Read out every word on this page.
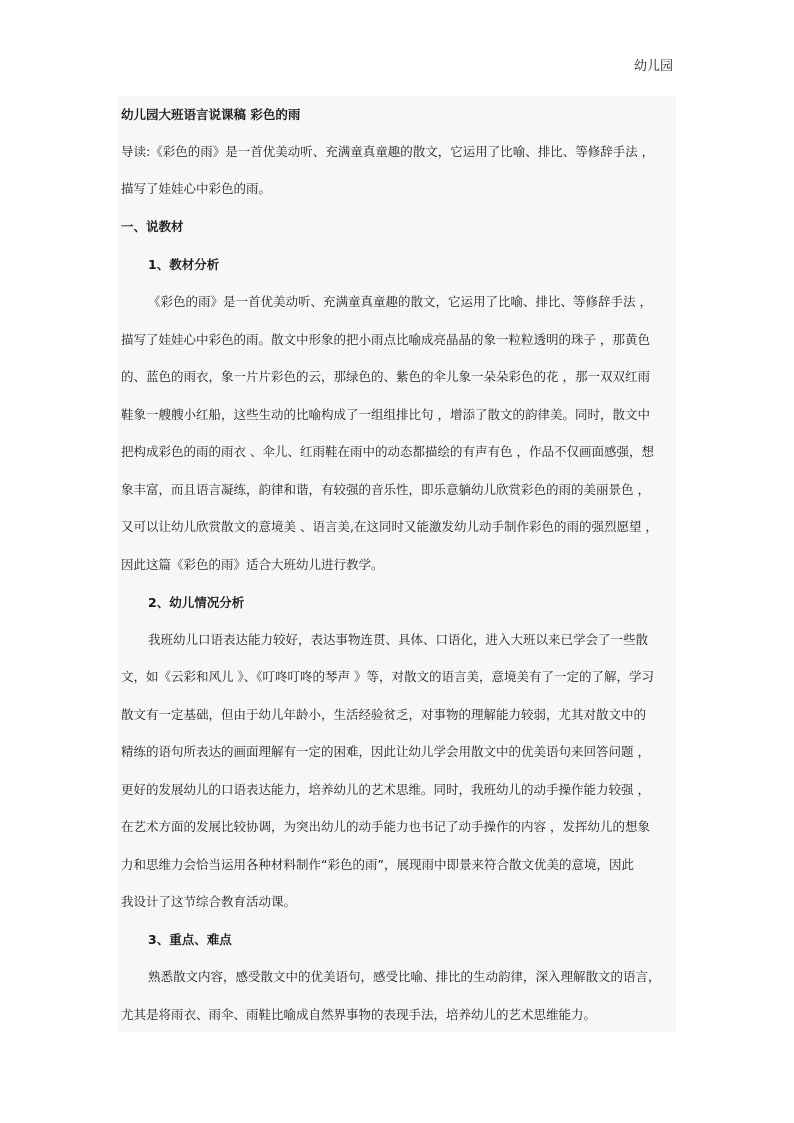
幼儿园
幼儿园大班语言说课稿 彩色的雨
导读:《彩色的雨》是一首优美动听、充满童真童趣的散文，它运用了比喻、排比、等修辞手法 ，
描写了娃娃心中彩色的雨。
一、说教材
1、教材分析
《彩色的雨》是一首优美动听、充满童真童趣的散文，它运用了比喻、排比、等修辞手法 ，
描写了娃娃心中彩色的雨。散文中形象的把小雨点比喻成亮晶晶的象一粒粒透明的珠子 ，那黄色
的、蓝色的雨衣，象一片片彩色的云，那绿色的、紫色的伞儿象一朵朵彩色的花 ，那一双双红雨
鞋象一艘艘小红船，这些生动的比喻构成了一组组排比句 ，增添了散文的韵律美。同时，散文中
把构成彩色的雨的雨衣 、伞儿、红雨鞋在雨中的动态都描绘的有声有色 ，作品不仅画面感强，想
象丰富，而且语言凝练，韵律和谐，有较强的音乐性，即乐意躺幼儿欣赏彩色的雨的美丽景色 ，
又可以让幼儿欣赏散文的意境美 、语言美,在这同时又能激发幼儿动手制作彩色的雨的强烈愿望 ，
因此这篇《彩色的雨》适合大班幼儿进行教学。
2、幼儿情况分析
我班幼儿口语表达能力较好，表达事物连贯、具体、口语化，进入大班以来已学会了一些散
文，如《云彩和风儿 》、《叮咚叮咚的琴声 》等，对散文的语言美，意境美有了一定的了解，学习
散文有一定基础，但由于幼儿年龄小，生活经验贫乏，对事物的理解能力较弱，尤其对散文中的
精练的语句所表达的画面理解有一定的困难，因此让幼儿学会用散文中的优美语句来回答问题 ，
更好的发展幼儿的口语表达能力，培养幼儿的艺术思维。同时，我班幼儿的动手操作能力较强 ，
在艺术方面的发展比较协调，为突出幼儿的动手能力也书记了动手操作的内容 ，发挥幼儿的想象
力和思维力会恰当运用各种材料制作“彩色的雨”，展现雨中即景来符合散文优美的意境，因此
我设计了这节综合教育活动课。
3、重点、难点
熟悉散文内容，感受散文中的优美语句，感受比喻、排比的生动韵律，深入理解散文的语言，
尤其是将雨衣、雨伞、雨鞋比喻成自然界事物的表现手法，培养幼儿的艺术思维能力。
